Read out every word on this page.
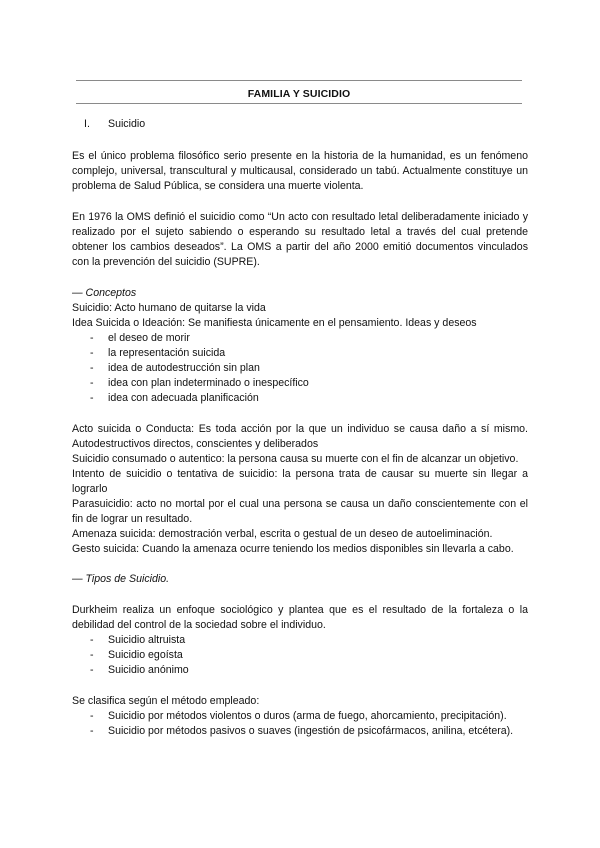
FAMILIA Y SUICIDIO
I.	Suicidio

Es el único problema filosófico serio presente en la historia de la humanidad, es un fenómeno complejo, universal, transcultural y multicausal, considerado un tabú. Actualmente constituye un problema de Salud Pública, se considera una muerte violenta.

En 1976 la OMS definió el suicidio como “Un acto con resultado letal deliberadamente iniciado y realizado por el sujeto sabiendo o esperando su resultado letal a través del cual pretende obtener los cambios deseados”. La OMS a partir del año 2000 emitió documentos vinculados con la prevención del suicidio (SUPRE).

— Conceptos

Suicidio: Acto humano de quitarse la vida

Idea Suicida o Ideación: Se manifiesta únicamente en el pensamiento. Ideas y deseos

-	el deseo de morir
-	la representación suicida
-	idea de autodestrucción sin plan
-	idea con plan indeterminado o inespecífico
-	idea con adecuada planificación

Acto suicida o Conducta: Es toda acción por la que un individuo se causa daño a sí mismo. Autodestructivos directos, conscientes y deliberados

Suicidio consumado o autentico: la persona causa su muerte con el fin de alcanzar un objetivo.

Intento de suicidio o tentativa de suicidio: la persona trata de causar su muerte sin llegar a lograrlo

Parasuicidio: acto no mortal por el cual una persona se causa un daño conscientemente con el fin de lograr un resultado.

Amenaza suicida: demostración verbal, escrita o gestual de un deseo de autoeliminación.

Gesto suicida: Cuando la amenaza ocurre teniendo los medios disponibles sin llevarla a cabo.

— Tipos de Suicidio.

Durkheim realiza un enfoque sociológico y plantea que es el resultado de la fortaleza o la debilidad del control de la sociedad sobre el individuo.

-	Suicidio altruista
-	Suicidio egoísta
-	Suicidio anónimo

Se clasifica según el método empleado:

-	Suicidio por métodos violentos o duros (arma de fuego, ahorcamiento, precipitación).
-	Suicidio por métodos pasivos o suaves (ingestión de psicofármacos, anilina, etcétera).
